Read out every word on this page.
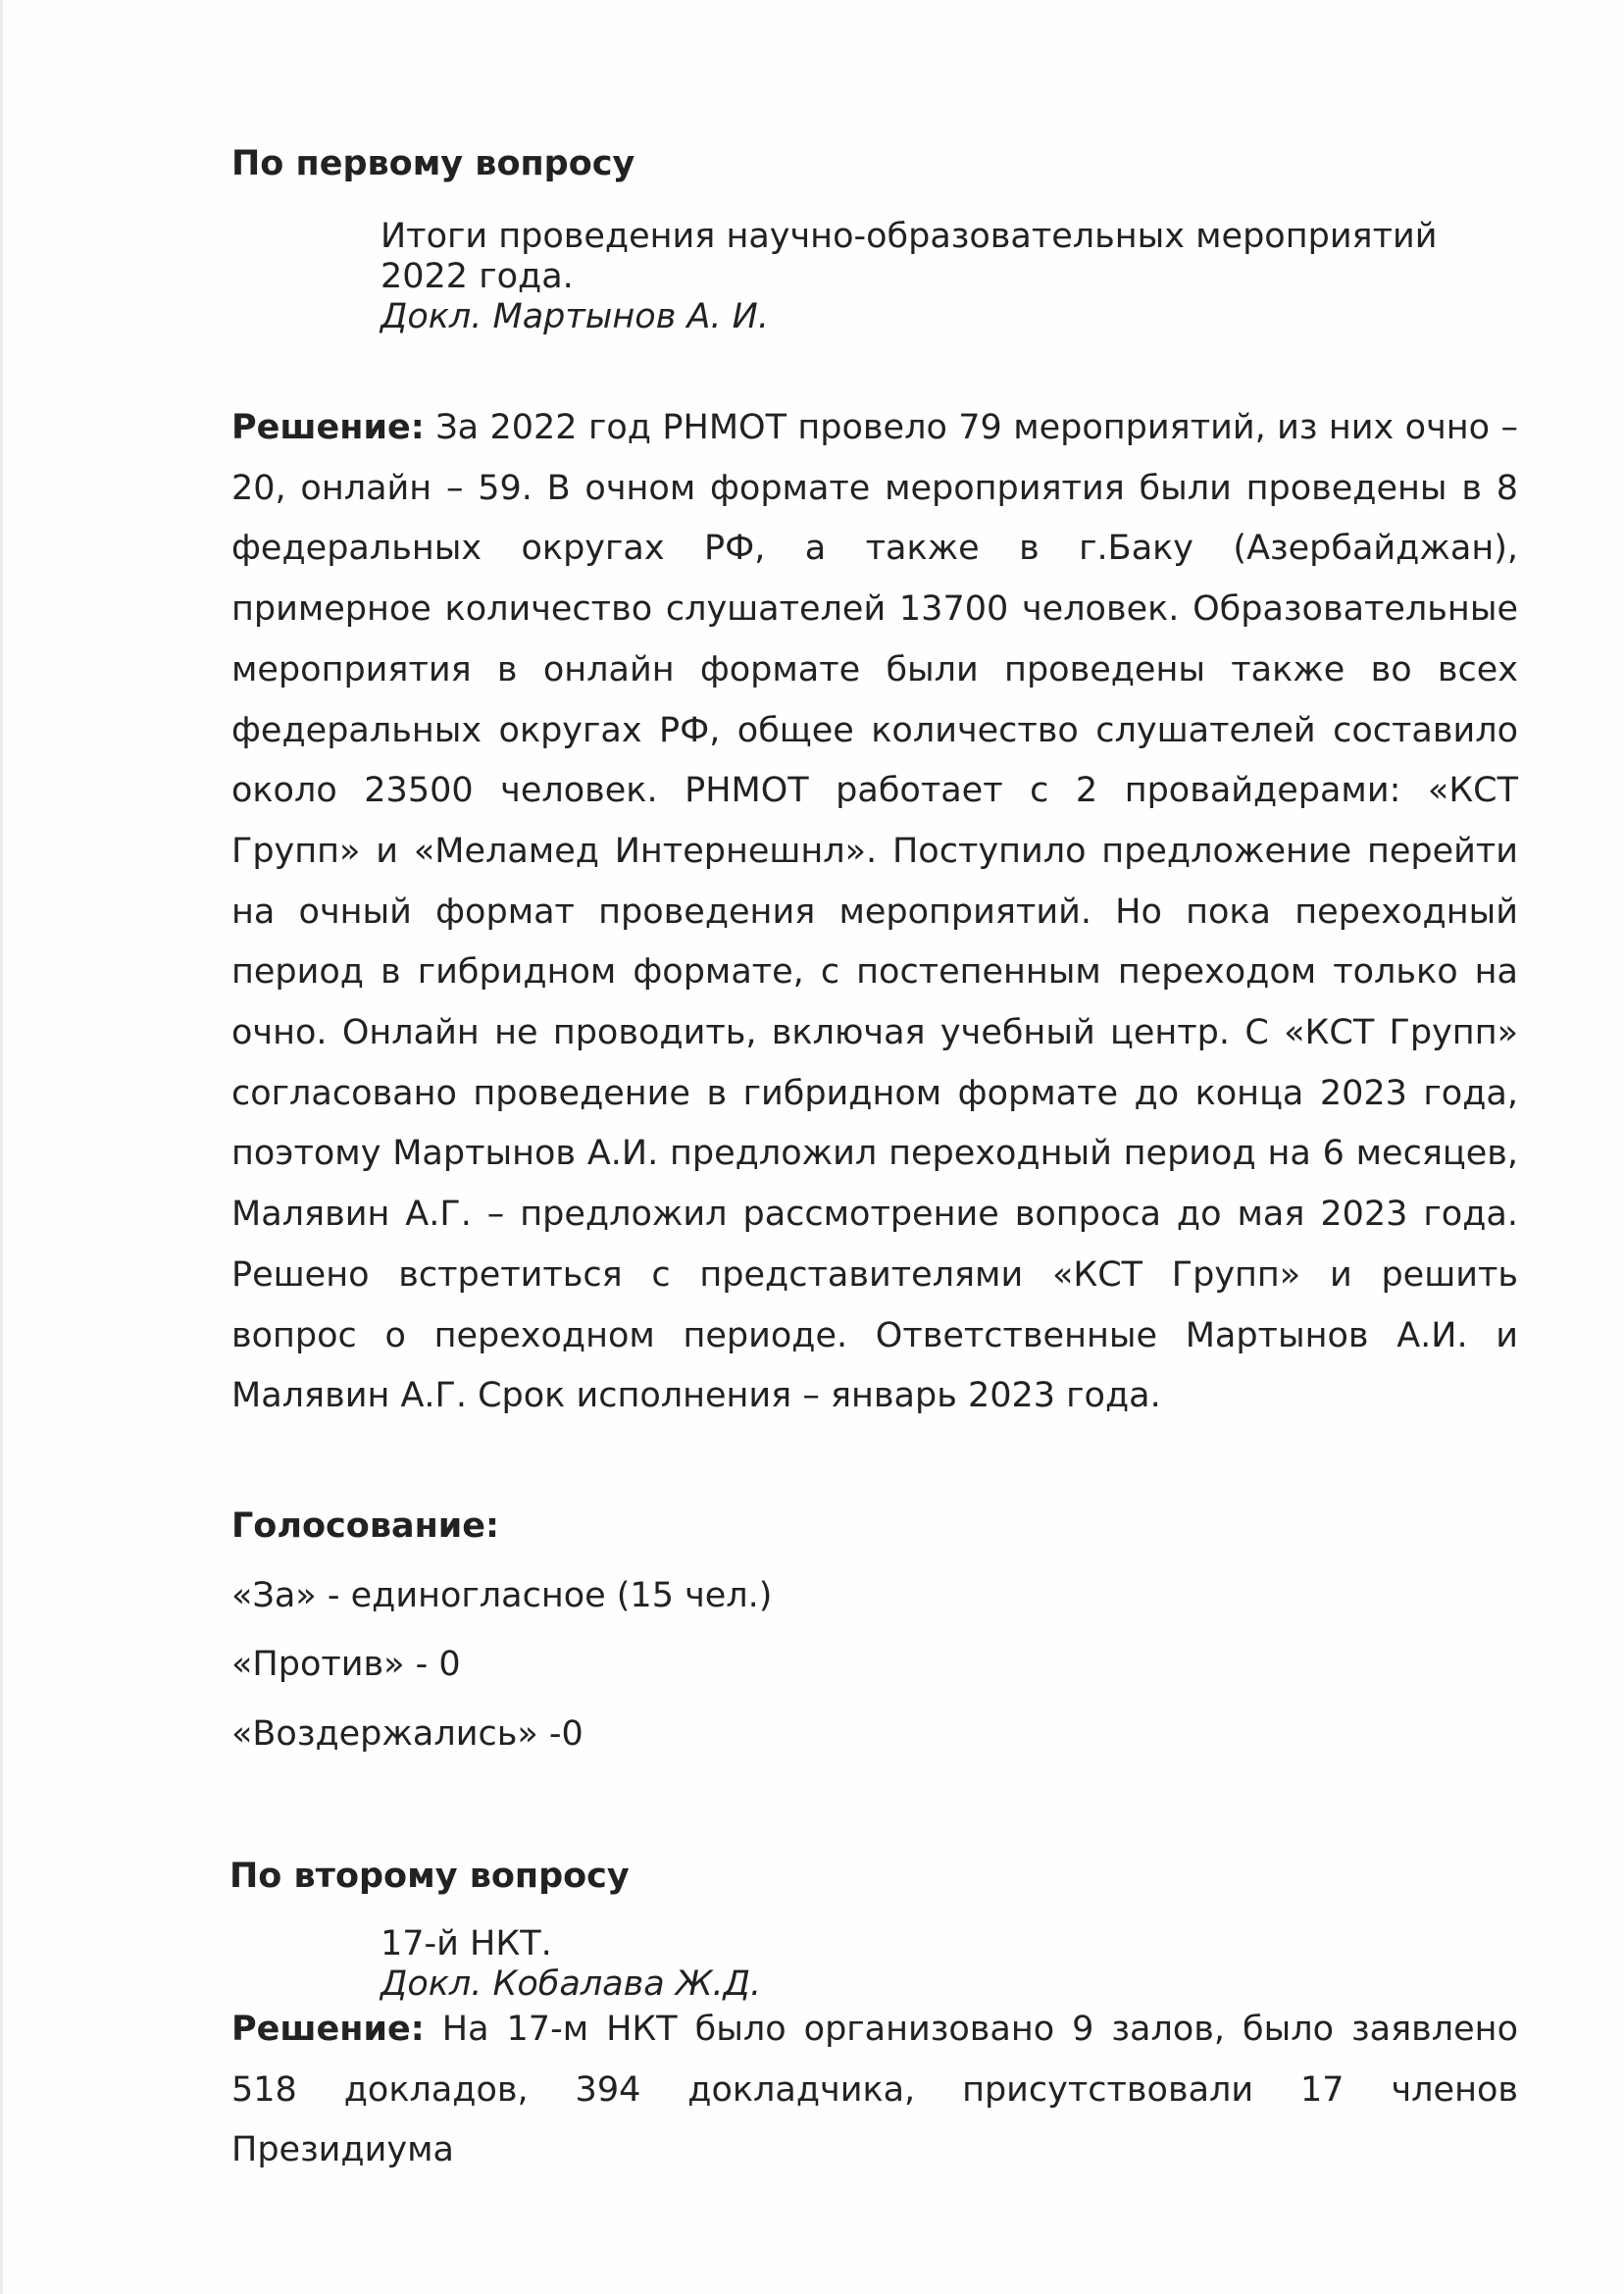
По первому вопросу
Итоги проведения научно-образовательных мероприятий 2022 года.
Докл. Мартынов А. И.
Решение: За 2022 год РНМОТ провело 79 мероприятий, из них очно – 20, онлайн – 59. В очном формате мероприятия были проведены в 8 федеральных округах РФ, а также в г.Баку (Азербайджан), примерное количество слушателей 13700 человек. Образовательные мероприятия в онлайн формате были проведены также во всех федеральных округах РФ, общее количество слушателей составило около 23500 человек. РНМОТ работает с 2 провайдерами: «КСТ Групп» и «Меламед Интернешнл». Поступило предложение перейти на очный формат проведения мероприятий. Но пока переходный период в гибридном формате, с постепенным переходом только на очно. Онлайн не проводить, включая учебный центр. С «КСТ Групп» согласовано проведение в гибридном формате до конца 2023 года, поэтому Мартынов А.И. предложил переходный период на 6 месяцев, Малявин А.Г. – предложил рассмотрение вопроса до мая 2023 года. Решено встретиться с представителями «КСТ Групп» и решить вопрос о переходном периоде. Ответственные Мартынов А.И. и Малявин А.Г. Срок исполнения – январь 2023 года.
Голосование:
«За» - единогласное (15 чел.)
«Против» - 0
«Воздержались» -0
По второму вопросу
17-й НКТ.
Докл. Кобалава Ж.Д.
Решение: На 17-м НКТ было организовано 9 залов, было заявлено 518 докладов, 394 докладчика, присутствовали 17 членов Президиума
